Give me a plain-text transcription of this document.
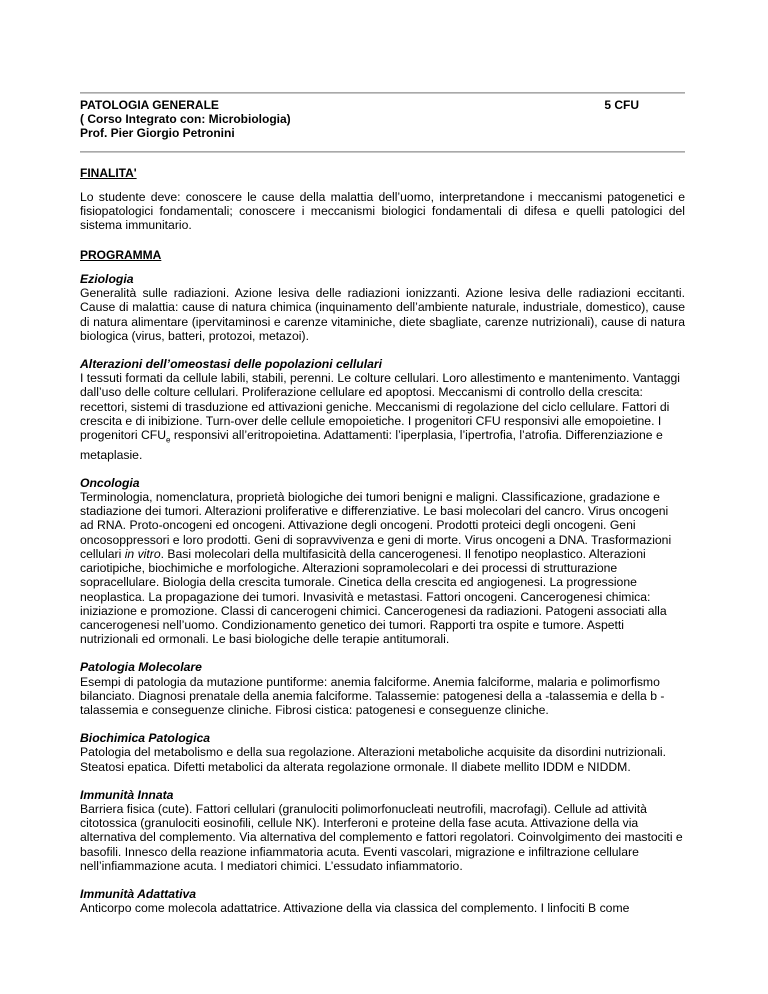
PATOLOGIA GENERALE
( Corso Integrato con: Microbiologia)
Prof. Pier Giorgio Petronini
5 CFU
FINALITA'

Lo studente deve: conoscere le cause della malattia dell’uomo, interpretandone i meccanismi patogenetici e fisiopatologici fondamentali; conoscere i meccanismi biologici fondamentali di difesa e quelli patologici del sistema immunitario.

PROGRAMMA
Eziologia

Generalità sulle radiazioni. Azione lesiva delle radiazioni ionizzanti. Azione lesiva delle radiazioni eccitanti. Cause di malattia: cause di natura chimica (inquinamento dell’ambiente naturale, industriale, domestico), cause di natura alimentare (ipervitaminosi e carenze vitaminiche, diete sbagliate, carenze nutrizionali), cause di natura biologica (virus, batteri, protozoi, metazoi).

Alterazioni dell’omeostasi delle popolazioni cellulari

I tessuti formati da cellule labili, stabili, perenni. Le colture cellulari. Loro allestimento e mantenimento. Vantaggi dall’uso delle colture cellulari. Proliferazione cellulare ed apoptosi. Meccanismi di controllo della crescita: recettori, sistemi di trasduzione ed attivazioni geniche. Meccanismi di regolazione del ciclo cellulare. Fattori di crescita e di inibizione. Turn-over delle cellule emopoietiche. I progenitori CFU responsivi alle emopoietine. I progenitori $CFU_e$ responsivi all’eritropoietina. Adattamenti: l’iperplasia, l’ipertrofia, l’atrofia. Differenziazione e metaplasie.

Oncologia

Terminologia, nomenclatura, proprietà biologiche dei tumori benigni e maligni. Classificazione, gradazione e stadiazione dei tumori. Alterazioni proliferative e differenziative. Le basi molecolari del cancro. Virus oncogeni ad RNA. Proto-oncogeni ed oncogeni. Attivazione degli oncogeni. Prodotti proteici degli oncogeni. Geni oncosoppressori e loro prodotti. Geni di sopravvivenza e geni di morte. Virus oncogeni a DNA. Trasformazioni cellulari in vitro. Basi molecolari della multifasicità della cancerogenesi. Il fenotipo neoplastico. Alterazioni cariotipiche, biochimiche e morfologiche. Alterazioni sopramolecolari e dei processi di strutturazione sopracellulare. Biologia della crescita tumorale. Cinetica della crescita ed angiogenesi. La progressione neoplastica. La propagazione dei tumori. Invasività e metastasi. Fattori oncogeni. Cancerogenesi chimica: iniziazione e promozione. Classi di cancerogeni chimici. Cancerogenesi da radiazioni. Patogeni associati alla cancerogenesi nell’uomo. Condizionamento genetico dei tumori. Rapporti tra ospite e tumore. Aspetti nutrizionali ed ormonali. Le basi biologiche delle terapie antitumorali.

Patologia Molecolare

Esempi di patologia da mutazione puntiforme: anemia falciforme. Anemia falciforme, malaria e polimorfismo bilanciato. Diagnosi prenatale della anemia falciforme. Talassemie: patogenesi della a -talassemia e della b -talassemia e conseguenze cliniche. Fibrosi cistica: patogenesi e conseguenze cliniche.

Biochimica Patologica

Patologia del metabolismo e della sua regolazione. Alterazioni metaboliche acquisite da disordini nutrizionali. Steatosi epatica. Difetti metabolici da alterata regolazione ormonale. Il diabete mellito IDDM e NIDDM.

Immunità Innata

Barriera fisica (cute). Fattori cellulari (granulociti polimorfonucleati neutrofili, macrofagi). Cellule ad attività citotossica (granulociti eosinofili, cellule NK). Interferoni e proteine della fase acuta. Attivazione della via alternativa del complemento. Via alternativa del complemento e fattori regolatori. Coinvolgimento dei mastociti e basofili. Innesco della reazione infiammatoria acuta. Eventi vascolari, migrazione e infiltrazione cellulare nell’infiammazione acuta. I mediatori chimici. L’essudato infiammatorio.

Immunità Adattativa

Anticorpo come molecola adattatrice. Attivazione della via classica del complemento. I linfociti B come
